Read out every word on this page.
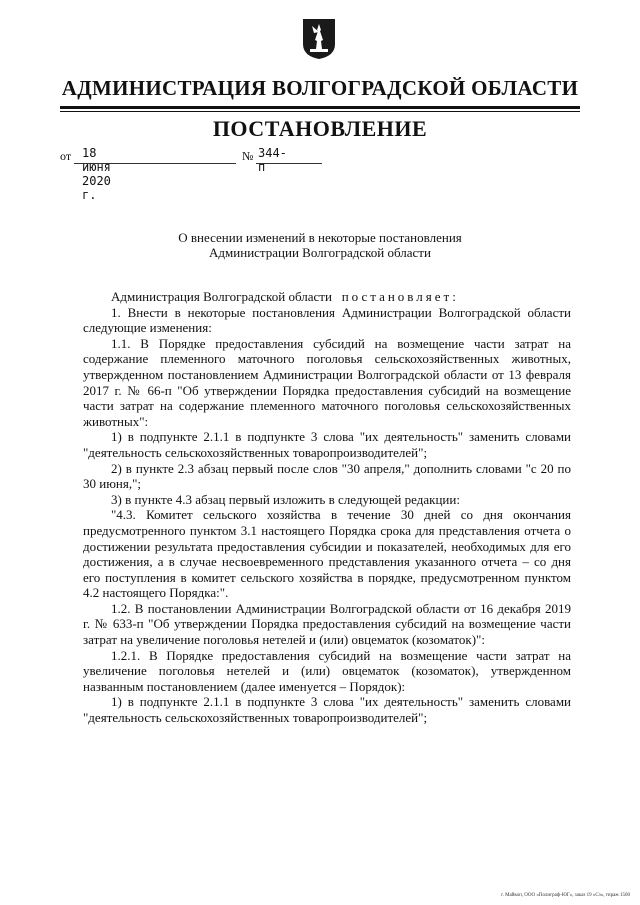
АДМИНИСТРАЦИЯ ВОЛГОГРАДСКОЙ ОБЛАСТИ
ПОСТАНОВЛЕНИЕ
от 18 июня 2020 г.
№ 344-п
О внесении изменений в некоторые постановления
Администрации Волгоградской области

Администрация Волгоградской области постановляет:

1. Внести в некоторые постановления Администрации Волгоградской области следующие изменения:

1.1. В Порядке предоставления субсидий на возмещение части затрат на содержание племенного маточного поголовья сельскохозяйственных животных, утвержденном постановлением Администрации Волгоградской области от 13 февраля 2017 г. № 66-п "Об утверждении Порядка предоставления субсидий на возмещение части затрат на содержание племенного маточного поголовья сельскохозяйственных животных":

1) в подпункте 2.1.1 в подпункте 3 слова "их деятельность" заменить словами "деятельность сельскохозяйственных товаропроизводителей";

2) в пункте 2.3 абзац первый после слов "30 апреля," дополнить словами "с 20 по 30 июня,";

3) в пункте 4.3 абзац первый изложить в следующей редакции:

"4.3. Комитет сельского хозяйства в течение 30 дней со дня окончания предусмотренного пунктом 3.1 настоящего Порядка срока для представления отчета о достижении результата предоставления субсидии и показателей, необходимых для его достижения, а в случае несвоевременного представления указанного отчета – со дня его поступления в комитет сельского хозяйства в порядке, предусмотренном пунктом 4.2 настоящего Порядка:".

1.2. В постановлении Администрации Волгоградской области от 16 декабря 2019 г. № 633-п "Об утверждении Порядка предоставления субсидий на возмещение части затрат на увеличение поголовья нетелей и (или) овцематок (козоматок)":

1.2.1. В Порядке предоставления субсидий на возмещение части затрат на увеличение поголовья нетелей и (или) овцематок (козоматок), утвержденном названным постановлением (далее именуется – Порядок):

1) в подпункте 2.1.1 в подпункте 3 слова "их деятельность" заменить словами "деятельность сельскохозяйственных товаропроизводителей";

г. Майкоп, ООО «Полиграф-ЮГ», заказ 19 «Сз», тираж 1500
